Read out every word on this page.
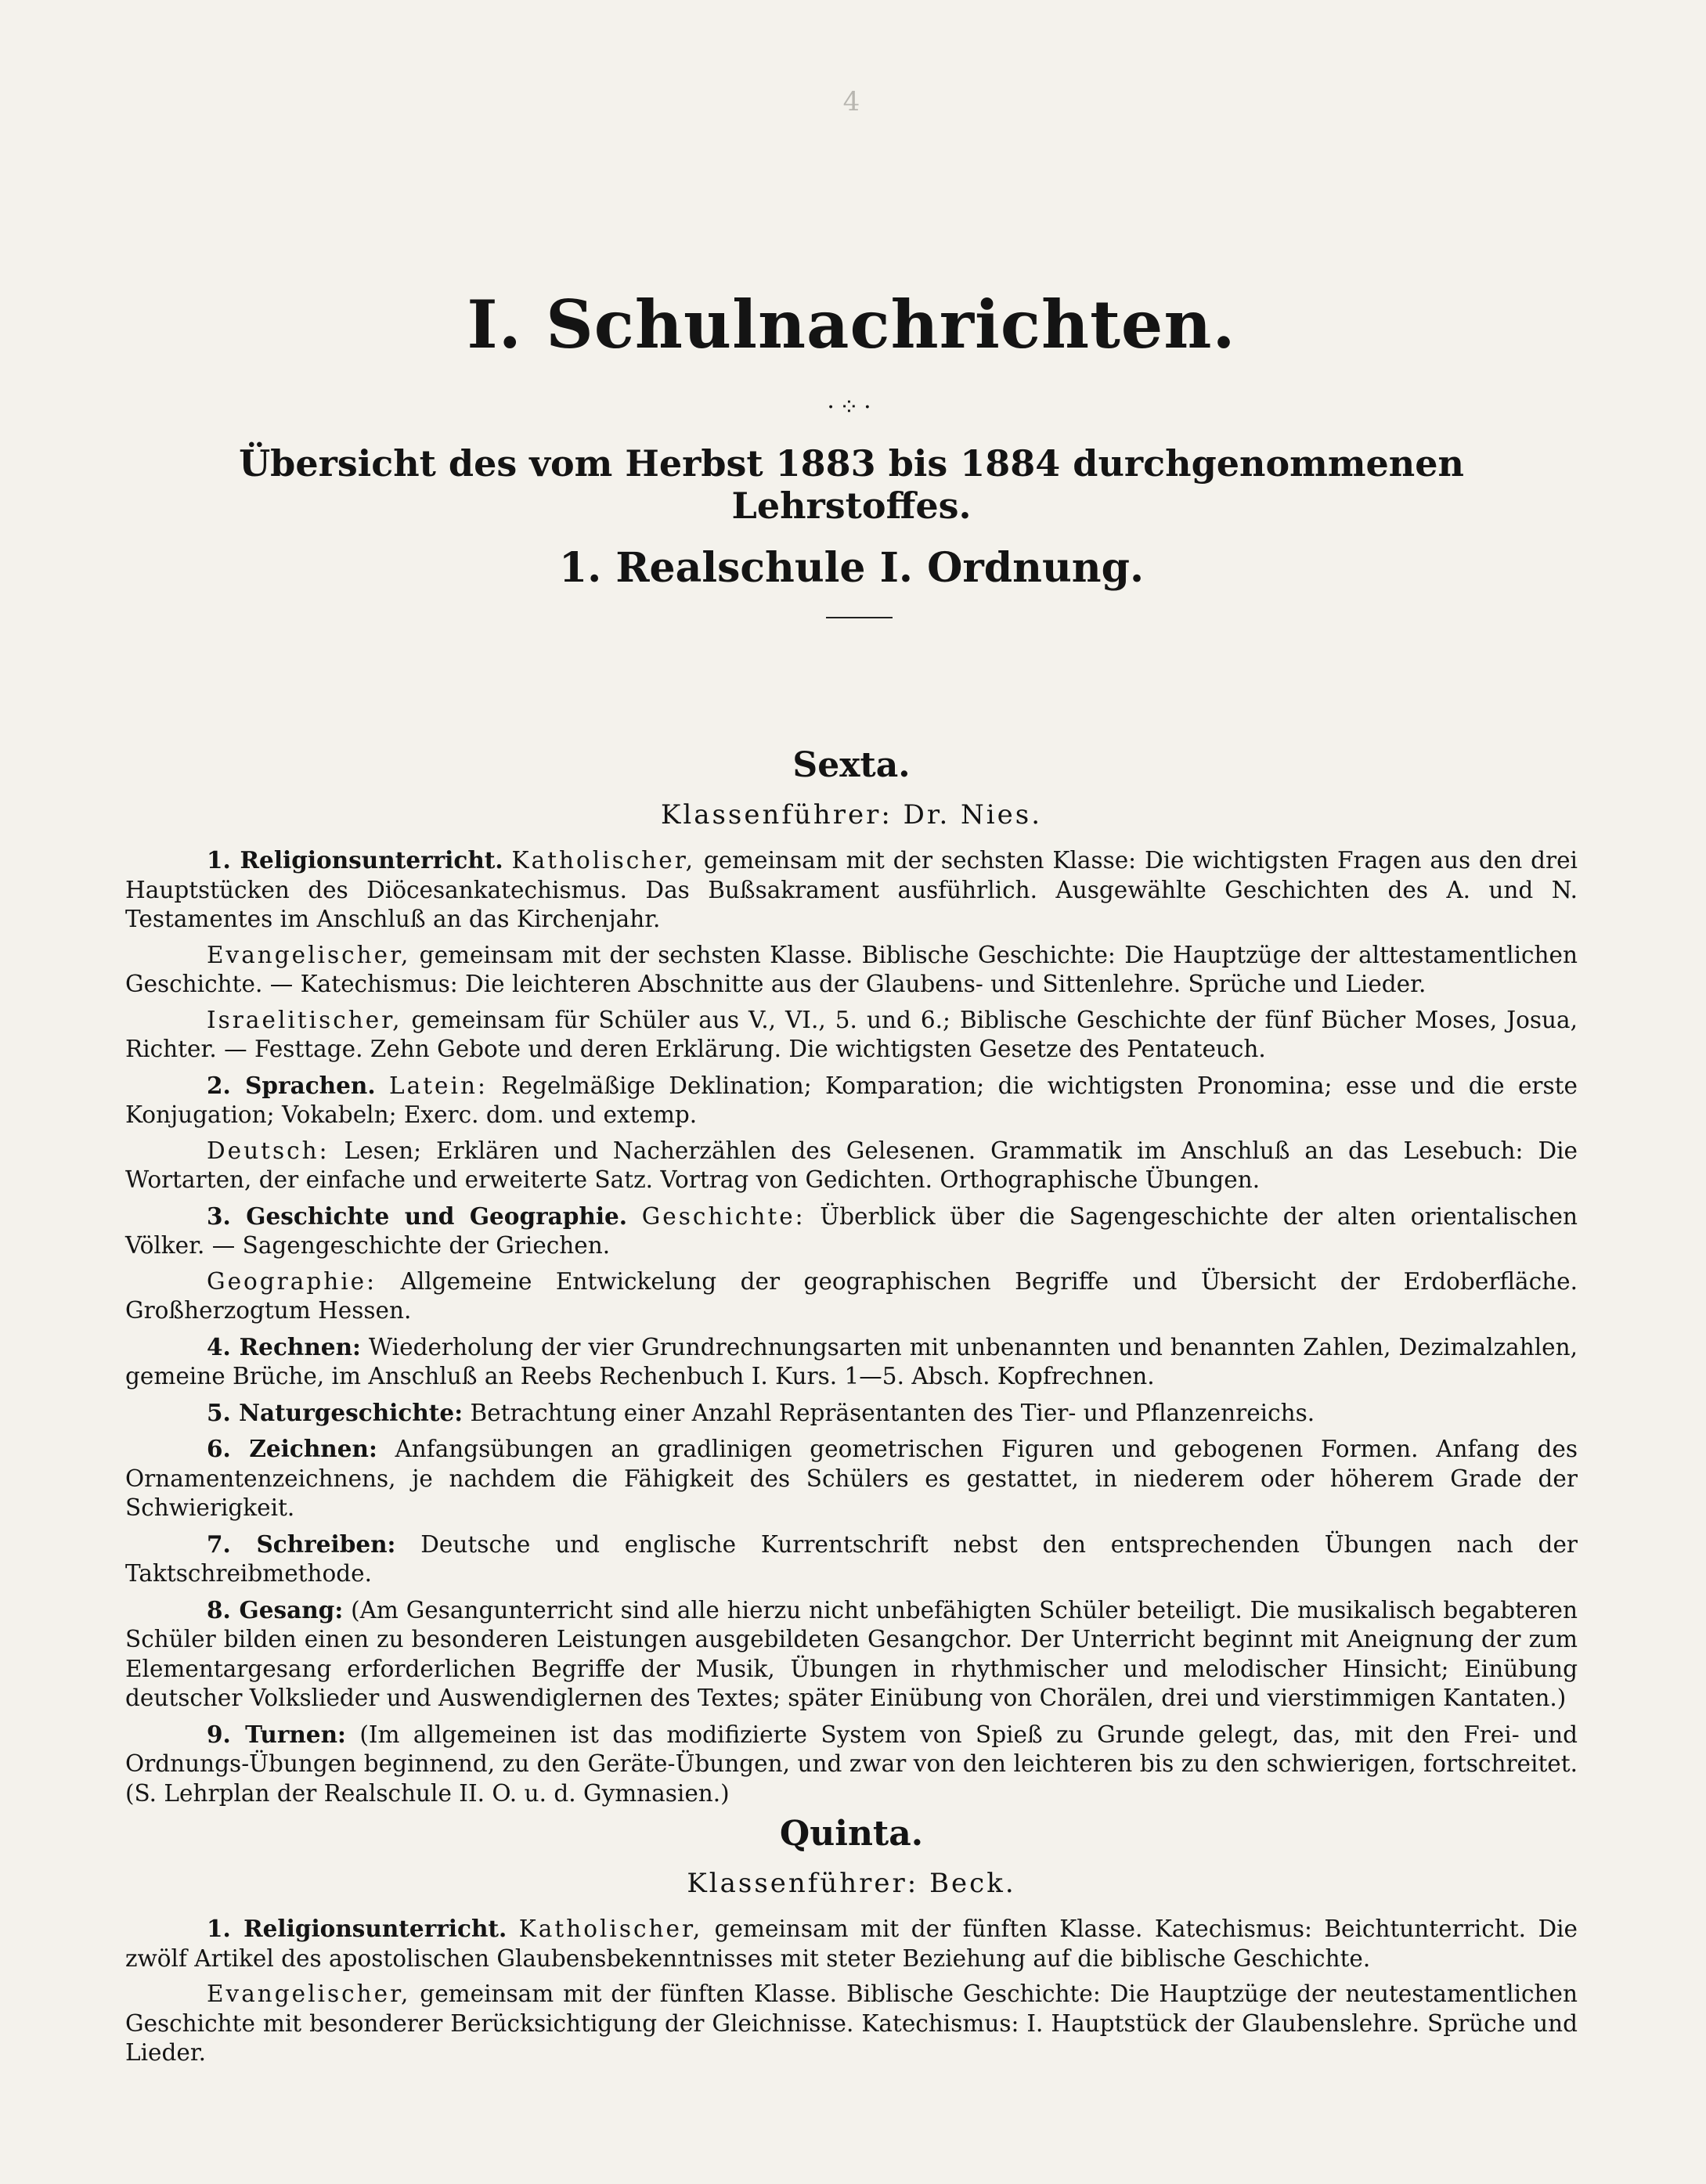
4
I. Schulnachrichten.
·⁘·
Übersicht des vom Herbst 1883 bis 1884 durchgenommenen Lehrstoffes.
1. Realschule I. Ordnung.
Sexta.
Klassenführer: Dr. Nies.

1. Religionsunterricht. Katholischer, gemeinsam mit der sechsten Klasse: Die wichtigsten Fragen aus den drei Hauptstücken des Diöcesankatechismus. Das Bußsakrament ausführlich. Ausgewählte Geschichten des A. und N. Testamentes im Anschluß an das Kirchenjahr.

Evangelischer, gemeinsam mit der sechsten Klasse. Biblische Geschichte: Die Hauptzüge der alttestamentlichen Geschichte. — Katechismus: Die leichteren Abschnitte aus der Glaubens- und Sittenlehre. Sprüche und Lieder.

Israelitischer, gemeinsam für Schüler aus V., VI., 5. und 6.; Biblische Geschichte der fünf Bücher Moses, Josua, Richter. — Festtage. Zehn Gebote und deren Erklärung. Die wichtigsten Gesetze des Pentateuch.

2. Sprachen. Latein: Regelmäßige Deklination; Komparation; die wichtigsten Pronomina; esse und die erste Konjugation; Vokabeln; Exerc. dom. und extemp.

Deutsch: Lesen; Erklären und Nacherzählen des Gelesenen. Grammatik im Anschluß an das Lesebuch: Die Wortarten, der einfache und erweiterte Satz. Vortrag von Gedichten. Orthographische Übungen.

3. Geschichte und Geographie. Geschichte: Überblick über die Sagengeschichte der alten orientalischen Völker. — Sagengeschichte der Griechen.

Geographie: Allgemeine Entwickelung der geographischen Begriffe und Übersicht der Erdoberfläche. Großherzogtum Hessen.

4. Rechnen: Wiederholung der vier Grundrechnungsarten mit unbenannten und benannten Zahlen, Dezimalzahlen, gemeine Brüche, im Anschluß an Reebs Rechenbuch I. Kurs. 1—5. Absch. Kopfrechnen.

5. Naturgeschichte: Betrachtung einer Anzahl Repräsentanten des Tier- und Pflanzenreichs.

6. Zeichnen: Anfangsübungen an gradlinigen geometrischen Figuren und gebogenen Formen. Anfang des Ornamentenzeichnens, je nachdem die Fähigkeit des Schülers es gestattet, in niederem oder höherem Grade der Schwierigkeit.

7. Schreiben: Deutsche und englische Kurrentschrift nebst den entsprechenden Übungen nach der Taktschreibmethode.

8. Gesang: (Am Gesangunterricht sind alle hierzu nicht unbefähigten Schüler beteiligt. Die musikalisch begabteren Schüler bilden einen zu besonderen Leistungen ausgebildeten Gesangchor. Der Unterricht beginnt mit Aneignung der zum Elementargesang erforderlichen Begriffe der Musik, Übungen in rhythmischer und melodischer Hinsicht; Einübung deutscher Volkslieder und Auswendiglernen des Textes; später Einübung von Chorälen, drei und vierstimmigen Kantaten.)

9. Turnen: (Im allgemeinen ist das modifizierte System von Spieß zu Grunde gelegt, das, mit den Frei- und Ordnungs-Übungen beginnend, zu den Geräte-Übungen, und zwar von den leichteren bis zu den schwierigen, fortschreitet. (S. Lehrplan der Realschule II. O. u. d. Gymnasien.)

Quinta.
Klassenführer: Beck.

1. Religionsunterricht. Katholischer, gemeinsam mit der fünften Klasse. Katechismus: Beichtunterricht. Die zwölf Artikel des apostolischen Glaubensbekenntnisses mit steter Beziehung auf die biblische Geschichte.

Evangelischer, gemeinsam mit der fünften Klasse. Biblische Geschichte: Die Hauptzüge der neutestamentlichen Geschichte mit besonderer Berücksichtigung der Gleichnisse. Katechismus: I. Hauptstück der Glaubenslehre. Sprüche und Lieder.
